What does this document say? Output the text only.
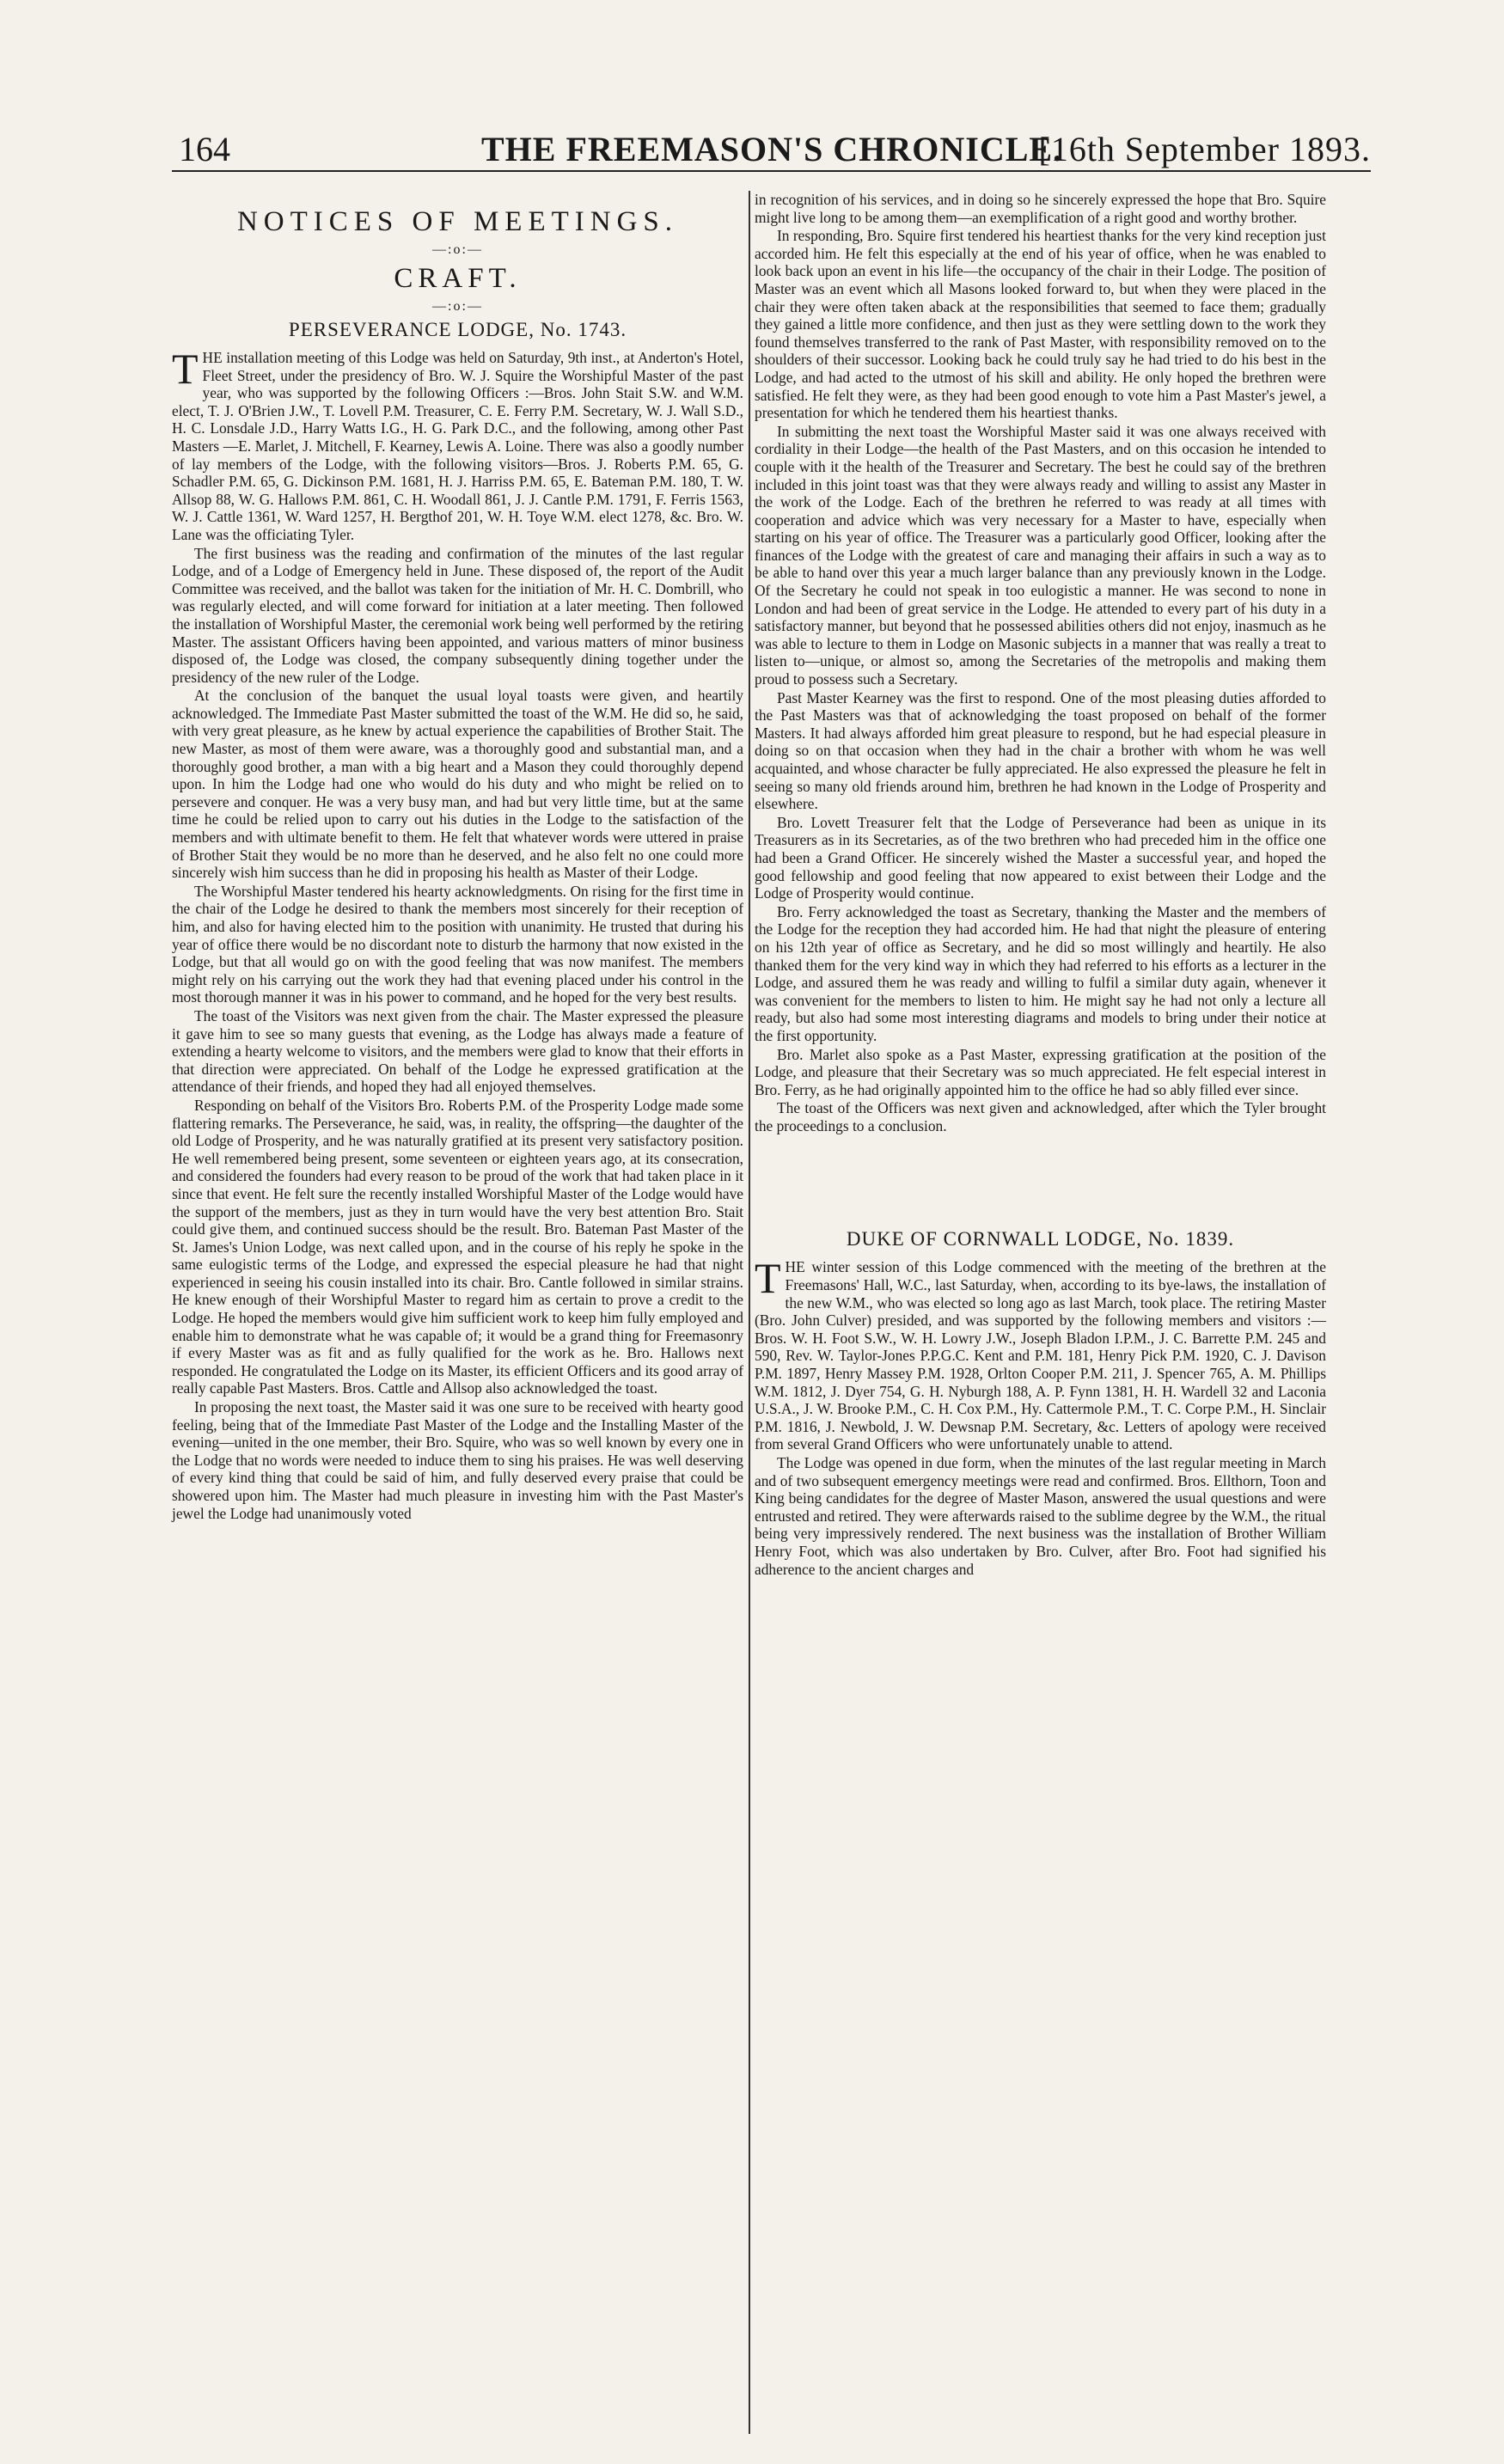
164	THE FREEMASON'S CHRONICLE.
[16th September 1893.
NOTICES OF MEETINGS.
—:o:—
CRAFT.
—:o:—
PERSEVERANCE LODGE, No. 1743.

THE installation meeting of this Lodge was held on Saturday, 9th inst., at Anderton's Hotel, Fleet Street, under the presidency of Bro. W. J. Squire the Worshipful Master of the past year, who was supported by the following Officers :—Bros. John Stait S.W. and W.M. elect, T. J. O'Brien J.W., T. Lovell P.M. Treasurer, C. E. Ferry P.M. Secretary, W. J. Wall S.D., H. C. Lonsdale J.D., Harry Watts I.G., H. G. Park D.C., and the following, among other Past Masters —E. Marlet, J. Mitchell, F. Kearney, Lewis A. Loine. There was also a goodly number of lay members of the Lodge, with the following visitors—Bros. J. Roberts P.M. 65, G. Schadler P.M. 65, G. Dickinson P.M. 1681, H. J. Harriss P.M. 65, E. Bateman P.M. 180, T. W. Allsop 88, W. G. Hallows P.M. 861, C. H. Woodall 861, J. J. Cantle P.M. 1791, F. Ferris 1563, W. J. Cattle 1361, W. Ward 1257, H. Bergthof 201, W. H. Toye W.M. elect 1278, &c. Bro. W. Lane was the officiating Tyler.

The first business was the reading and confirmation of the minutes of the last regular Lodge, and of a Lodge of Emergency held in June. These disposed of, the report of the Audit Committee was received, and the ballot was taken for the initiation of Mr. H. C. Dombrill, who was regularly elected, and will come forward for initiation at a later meeting. Then followed the installation of Worshipful Master, the ceremonial work being well performed by the retiring Master. The assistant Officers having been appointed, and various matters of minor business disposed of, the Lodge was closed, the company subsequently dining together under the presidency of the new ruler of the Lodge.

At the conclusion of the banquet the usual loyal toasts were given, and heartily acknowledged. The Immediate Past Master submitted the toast of the W.M. He did so, he said, with very great pleasure, as he knew by actual experience the capabilities of Brother Stait. The new Master, as most of them were aware, was a thoroughly good and substantial man, and a thoroughly good brother, a man with a big heart and a Mason they could thoroughly depend upon. In him the Lodge had one who would do his duty and who might be relied on to persevere and conquer. He was a very busy man, and had but very little time, but at the same time he could be relied upon to carry out his duties in the Lodge to the satisfaction of the members and with ultimate benefit to them. He felt that whatever words were uttered in praise of Brother Stait they would be no more than he deserved, and he also felt no one could more sincerely wish him success than he did in proposing his health as Master of their Lodge.

The Worshipful Master tendered his hearty acknowledgments. On rising for the first time in the chair of the Lodge he desired to thank the members most sincerely for their reception of him, and also for having elected him to the position with unanimity. He trusted that during his year of office there would be no discordant note to disturb the harmony that now existed in the Lodge, but that all would go on with the good feeling that was now manifest. The members might rely on his carrying out the work they had that evening placed under his control in the most thorough manner it was in his power to command, and he hoped for the very best results.

The toast of the Visitors was next given from the chair. The Master expressed the pleasure it gave him to see so many guests that evening, as the Lodge has always made a feature of extending a hearty welcome to visitors, and the members were glad to know that their efforts in that direction were appreciated. On behalf of the Lodge he expressed gratification at the attendance of their friends, and hoped they had all enjoyed themselves.

Responding on behalf of the Visitors Bro. Roberts P.M. of the Prosperity Lodge made some flattering remarks. The Perseverance, he said, was, in reality, the offspring—the daughter of the old Lodge of Prosperity, and he was naturally gratified at its present very satisfactory position. He well remembered being present, some seventeen or eighteen years ago, at its consecration, and considered the founders had every reason to be proud of the work that had taken place in it since that event. He felt sure the recently installed Worshipful Master of the Lodge would have the support of the members, just as they in turn would have the very best attention Bro. Stait could give them, and continued success should be the result. Bro. Bateman Past Master of the St. James's Union Lodge, was next called upon, and in the course of his reply he spoke in the same eulogistic terms of the Lodge, and expressed the especial pleasure he had that night experienced in seeing his cousin installed into its chair. Bro. Cantle followed in similar strains. He knew enough of their Worshipful Master to regard him as certain to prove a credit to the Lodge. He hoped the members would give him sufficient work to keep him fully employed and enable him to demonstrate what he was capable of; it would be a grand thing for Freemasonry if every Master was as fit and as fully qualified for the work as he. Bro. Hallows next responded. He congratulated the Lodge on its Master, its efficient Officers and its good array of really capable Past Masters. Bros. Cattle and Allsop also acknowledged the toast.

In proposing the next toast, the Master said it was one sure to be received with hearty good feeling, being that of the Immediate Past Master of the Lodge and the Installing Master of the evening—united in the one member, their Bro. Squire, who was so well known by every one in the Lodge that no words were needed to induce them to sing his praises. He was well deserving of every kind thing that could be said of him, and fully deserved every praise that could be showered upon him. The Master had much pleasure in investing him with the Past Master's jewel the Lodge had unanimously voted

in recognition of his services, and in doing so he sincerely expressed the hope that Bro. Squire might live long to be among them—an exemplification of a right good and worthy brother.

In responding, Bro. Squire first tendered his heartiest thanks for the very kind reception just accorded him. He felt this especially at the end of his year of office, when he was enabled to look back upon an event in his life—the occupancy of the chair in their Lodge. The position of Master was an event which all Masons looked forward to, but when they were placed in the chair they were often taken aback at the responsibilities that seemed to face them; gradually they gained a little more confidence, and then just as they were settling down to the work they found themselves transferred to the rank of Past Master, with responsibility removed on to the shoulders of their successor. Looking back he could truly say he had tried to do his best in the Lodge, and had acted to the utmost of his skill and ability. He only hoped the brethren were satisfied. He felt they were, as they had been good enough to vote him a Past Master's jewel, a presentation for which he tendered them his heartiest thanks.

In submitting the next toast the Worshipful Master said it was one always received with cordiality in their Lodge—the health of the Past Masters, and on this occasion he intended to couple with it the health of the Treasurer and Secretary. The best he could say of the brethren included in this joint toast was that they were always ready and willing to assist any Master in the work of the Lodge. Each of the brethren he referred to was ready at all times with cooperation and advice which was very necessary for a Master to have, especially when starting on his year of office. The Treasurer was a particularly good Officer, looking after the finances of the Lodge with the greatest of care and managing their affairs in such a way as to be able to hand over this year a much larger balance than any previously known in the Lodge. Of the Secretary he could not speak in too eulogistic a manner. He was second to none in London and had been of great service in the Lodge. He attended to every part of his duty in a satisfactory manner, but beyond that he possessed abilities others did not enjoy, inasmuch as he was able to lecture to them in Lodge on Masonic subjects in a manner that was really a treat to listen to—unique, or almost so, among the Secretaries of the metropolis and making them proud to possess such a Secretary.

Past Master Kearney was the first to respond. One of the most pleasing duties afforded to the Past Masters was that of acknowledging the toast proposed on behalf of the former Masters. It had always afforded him great pleasure to respond, but he had especial pleasure in doing so on that occasion when they had in the chair a brother with whom he was well acquainted, and whose character be fully appreciated. He also expressed the pleasure he felt in seeing so many old friends around him, brethren he had known in the Lodge of Prosperity and elsewhere.

Bro. Lovett Treasurer felt that the Lodge of Perseverance had been as unique in its Treasurers as in its Secretaries, as of the two brethren who had preceded him in the office one had been a Grand Officer. He sincerely wished the Master a successful year, and hoped the good fellowship and good feeling that now appeared to exist between their Lodge and the Lodge of Prosperity would continue.

Bro. Ferry acknowledged the toast as Secretary, thanking the Master and the members of the Lodge for the reception they had accorded him. He had that night the pleasure of entering on his 12th year of office as Secretary, and he did so most willingly and heartily. He also thanked them for the very kind way in which they had referred to his efforts as a lecturer in the Lodge, and assured them he was ready and willing to fulfil a similar duty again, whenever it was convenient for the members to listen to him. He might say he had not only a lecture all ready, but also had some most interesting diagrams and models to bring under their notice at the first opportunity.

Bro. Marlet also spoke as a Past Master, expressing gratification at the position of the Lodge, and pleasure that their Secretary was so much appreciated. He felt especial interest in Bro. Ferry, as he had originally appointed him to the office he had so ably filled ever since.

The toast of the Officers was next given and acknowledged, after which the Tyler brought the proceedings to a conclusion.

DUKE OF CORNWALL LODGE, No. 1839.

THE winter session of this Lodge commenced with the meeting of the brethren at the Freemasons' Hall, W.C., last Saturday, when, according to its bye-laws, the installation of the new W.M., who was elected so long ago as last March, took place. The retiring Master (Bro. John Culver) presided, and was supported by the following members and visitors :—Bros. W. H. Foot S.W., W. H. Lowry J.W., Joseph Bladon I.P.M., J. C. Barrette P.M. 245 and 590, Rev. W. Taylor-Jones P.P.G.C. Kent and P.M. 181, Henry Pick P.M. 1920, C. J. Davison P.M. 1897, Henry Massey P.M. 1928, Orlton Cooper P.M. 211, J. Spencer 765, A. M. Phillips W.M. 1812, J. Dyer 754, G. H. Nyburgh 188, A. P. Fynn 1381, H. H. Wardell 32 and Laconia U.S.A., J. W. Brooke P.M., C. H. Cox P.M., Hy. Cattermole P.M., T. C. Corpe P.M., H. Sinclair P.M. 1816, J. Newbold, J. W. Dewsnap P.M. Secretary, &c. Letters of apology were received from several Grand Officers who were unfortunately unable to attend.

The Lodge was opened in due form, when the minutes of the last regular meeting in March and of two subsequent emergency meetings were read and confirmed. Bros. Ellthorn, Toon and King being candidates for the degree of Master Mason, answered the usual questions and were entrusted and retired. They were afterwards raised to the sublime degree by the W.M., the ritual being very impressively rendered. The next business was the installation of Brother William Henry Foot, which was also undertaken by Bro. Culver, after Bro. Foot had signified his adherence to the ancient charges and
